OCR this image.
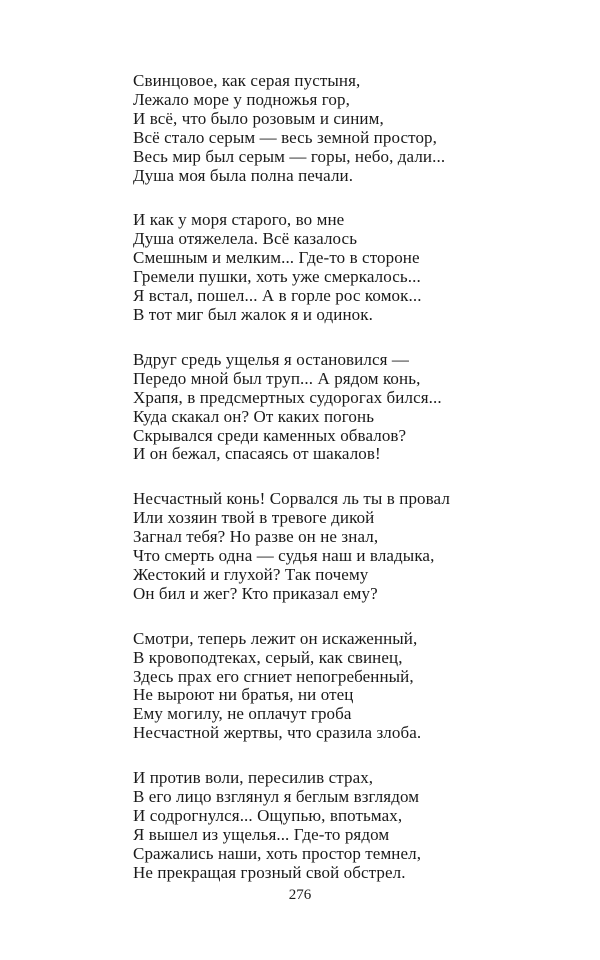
Свинцовое, как серая пустыня,
Лежало море у подножья гор,
И всё, что было розовым и синим,
Всё стало серым — весь земной простор,
Весь мир был серым — горы, небо, дали...
Душа моя была полна печали.
И как у моря старого, во мне
Душа отяжелела. Всё казалось
Смешным и мелким... Где-то в стороне
Гремели пушки, хоть уже смеркалось...
Я встал, пошел... А в горле рос комок...
В тот миг был жалок я и одинок.
Вдруг средь ущелья я остановился —
Передо мной был труп... А рядом конь,
Храпя, в предсмертных судорогах бился...
Куда скакал он? От каких погонь
Скрывался среди каменных обвалов?
И он бежал, спасаясь от шакалов!
Несчастный конь! Сорвался ль ты в провал
Или хозяин твой в тревоге дикой
Загнал тебя? Но разве он не знал,
Что смерть одна — судья наш и владыка,
Жестокий и глухой? Так почему
Он бил и жег? Кто приказал ему?
Смотри, теперь лежит он искаженный,
В кровоподтеках, серый, как свинец,
Здесь прах его сгниет непогребенный,
Не выроют ни братья, ни отец
Ему могилу, не оплачут гроба
Несчастной жертвы, что сразила злоба.
И против воли, пересилив страх,
В его лицо взглянул я беглым взглядом
И содрогнулся... Ощупью, впотьмах,
Я вышел из ущелья... Где-то рядом
Сражались наши, хоть простор темнел,
Не прекращая грозный свой обстрел.
276
